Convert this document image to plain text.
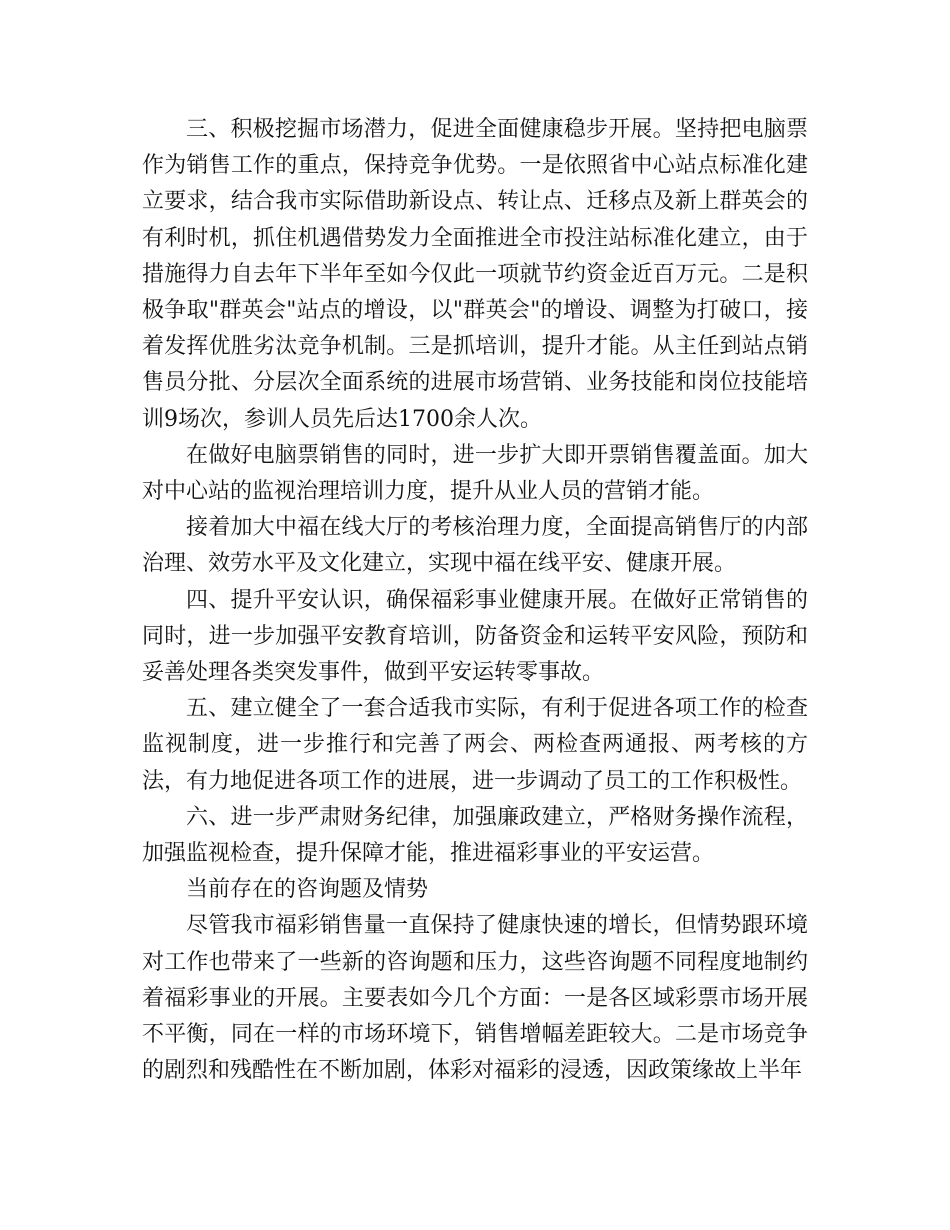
三、积极挖掘市场潜力，促进全面健康稳步开展。坚持把电脑票作为销售工作的重点，保持竞争优势。一是依照省中心站点标准化建立要求，结合我市实际借助新设点、转让点、迁移点及新上群英会的有利时机，抓住机遇借势发力全面推进全市投注站标准化建立，由于措施得力自去年下半年至如今仅此一项就节约资金近百万元。二是积极争取"群英会"站点的增设，以"群英会"的增设、调整为打破口，接着发挥优胜劣汰竞争机制。三是抓培训，提升才能。从主任到站点销售员分批、分层次全面系统的进展市场营销、业务技能和岗位技能培训9场次，参训人员先后达1700余人次。

在做好电脑票销售的同时，进一步扩大即开票销售覆盖面。加大对中心站的监视治理培训力度，提升从业人员的营销才能。

接着加大中福在线大厅的考核治理力度，全面提高销售厅的内部治理、效劳水平及文化建立，实现中福在线平安、健康开展。

四、提升平安认识，确保福彩事业健康开展。在做好正常销售的同时，进一步加强平安教育培训，防备资金和运转平安风险，预防和妥善处理各类突发事件，做到平安运转零事故。

五、建立健全了一套合适我市实际，有利于促进各项工作的检查监视制度，进一步推行和完善了两会、两检查两通报、两考核的方法，有力地促进各项工作的进展，进一步调动了员工的工作积极性。

六、进一步严肃财务纪律，加强廉政建立，严格财务操作流程，加强监视检查，提升保障才能，推进福彩事业的平安运营。

当前存在的咨询题及情势

尽管我市福彩销售量一直保持了健康快速的增长，但情势跟环境对工作也带来了一些新的咨询题和压力，这些咨询题不同程度地制约着福彩事业的开展。主要表如今几个方面：一是各区域彩票市场开展不平衡，同在一样的市场环境下，销售增幅差距较大。二是市场竞争的剧烈和残酷性在不断加剧，体彩对福彩的浸透，因政策缘故上半年
